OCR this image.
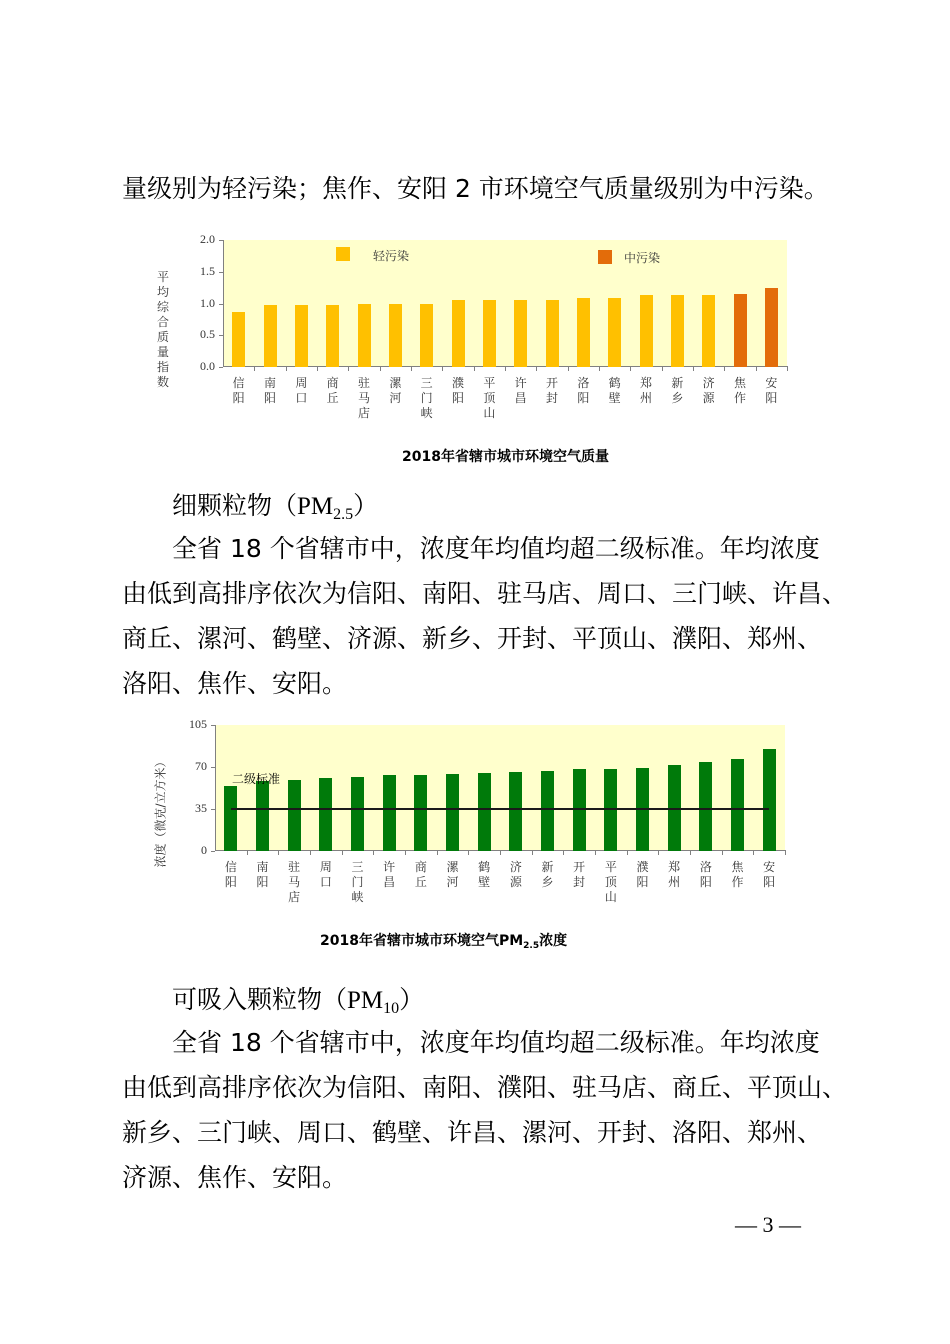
量级别为轻污染；焦作、安阳 2 市环境空气质量级别为中污染。
平
均
综
合
质
量
指
数
0.0
0.5
1.0
1.5
2.0
轻污染	中污染
信阳
南阳
周口
商丘
驻马店
漯河
三门峡
濮阳
平顶山
许昌
开封
洛阳
鹤壁
郑州
新乡
济源
焦作
安阳
2018年省辖市城市环境空气质量
细颗粒物$(PM_{2.5})$
全省 18 个省辖市中，浓度年均值均超二级标准。年均浓度
由低到高排序依次为信阳、南阳、驻马店、周口、三门峡、许昌、
商丘、漯河、鹤壁、济源、新乡、开封、平顶山、濮阳、郑州、
洛阳、焦作、安阳。
浓度（微克/立方米）	0
35
70
105
二级标准
信阳
南阳
驻马店
周口
三门峡
许昌
商丘
漯河
鹤壁
济源
新乡
开封
平顶山
濮阳
郑州
洛阳
焦作
安阳
2018年省辖市城市环境空气$PM_{2.5}$浓度
可吸入颗粒物$(PM_{10})$
全省 18 个省辖市中，浓度年均值均超二级标准。年均浓度
由低到高排序依次为信阳、南阳、濮阳、驻马店、商丘、平顶山、
新乡、三门峡、周口、鹤壁、许昌、漯河、开封、洛阳、郑州、
济源、焦作、安阳。
— 3 —
